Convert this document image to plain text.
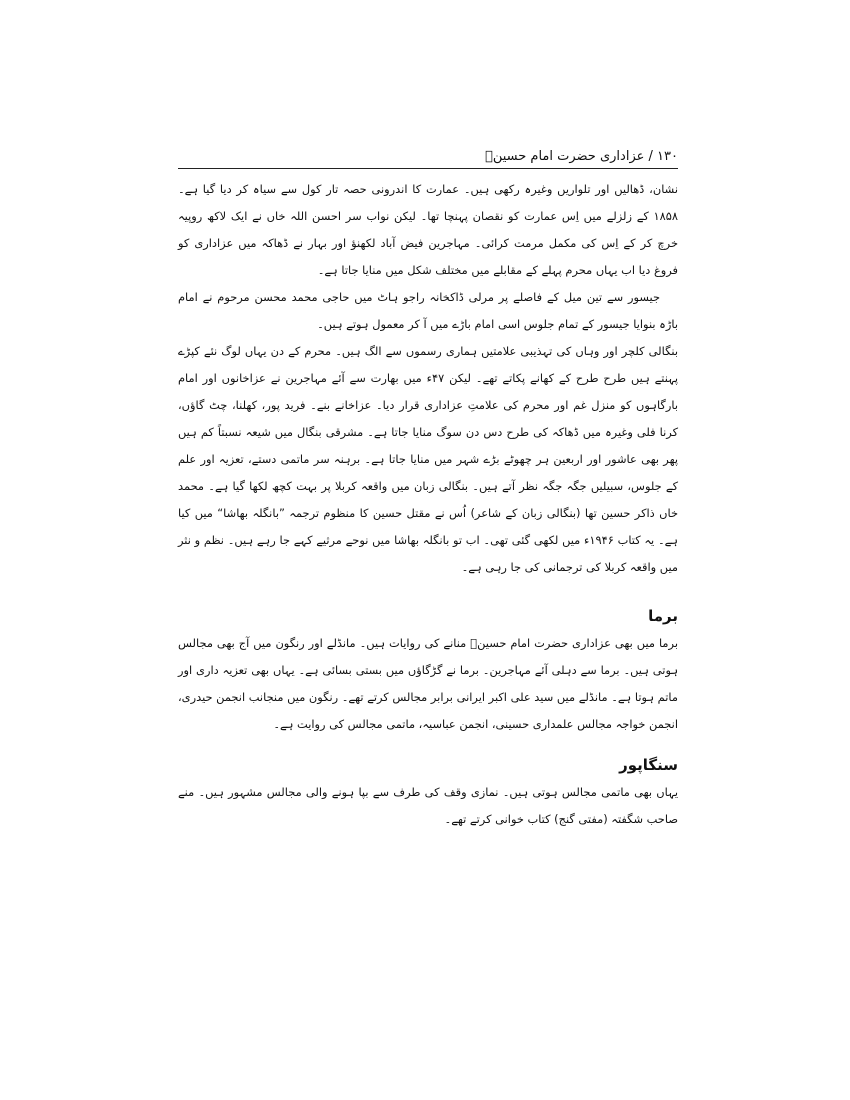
۱۳۰ / عزاداری حضرت امام حسینؑ

نشان، ڈھالیں اور تلواریں وغیرہ رکھی ہیں۔ عمارت کا اندرونی حصہ تار کول سے سیاہ کر دیا گیا ہے۔ ۱۸۵۸ کے زلزلے میں اِس عمارت کو نقصان پہنچا تھا۔ لیکن نواب سر احسن اللہ خاں نے ایک لاکھ روپیہ خرچ کر کے اِس کی مکمل مرمت کرائی۔ مہاجرین فیض آباد لکھنؤ اور بہار نے ڈھاکہ میں عزاداری کو فروغ دیا اب یہاں محرم پہلے کے مقابلے میں مختلف شکل میں منایا جاتا ہے۔

جیسور سے تین میل کے فاصلے پر مرلی ڈاکخانہ راجو ہاٹ میں حاجی محمد محسن مرحوم نے امام باڑہ بنوایا جیسور کے تمام جلوس اسی امام باڑے میں آ کر معمول ہوتے ہیں۔

بنگالی کلچر اور وہاں کی تہذیبی علامتیں ہماری رسموں سے الگ ہیں۔ محرم کے دن یہاں لوگ نئے کپڑے پہنتے ہیں طرح طرح کے کھانے پکاتے تھے۔ لیکن ۴۷ء میں بھارت سے آئے مہاجرین نے عزاخانوں اور امام بارگاہوں کو منزل غم اور محرم کی علامتِ عزاداری قرار دیا۔ عزاخانے بنے۔ فرید پور، کھلنا، چٹ گاؤں، کرنا فلی وغیرہ میں ڈھاکہ کی طرح دس دن سوگ منایا جاتا ہے۔ مشرقی بنگال میں شیعہ نسبتاً کم ہیں پھر بھی عاشور اور اربعین ہر چھوٹے بڑے شہر میں منایا جاتا ہے۔ برہنہ سر ماتمی دستے، تعزیہ اور علم کے جلوس، سبیلیں جگہ جگہ نظر آتے ہیں۔ بنگالی زبان میں واقعہ کربلا پر بہت کچھ لکھا گیا ہے۔ محمد خاں ذاکر حسین تھا (بنگالی زبان کے شاعر) اُس نے مقتل حسین کا منظوم ترجمہ ”بانگلہ بھاشا“ میں کیا ہے۔ یہ کتاب ۱۹۴۶ء میں لکھی گئی تھی۔ اب تو بانگلہ بھاشا میں نوحے مرثیے کہے جا رہے ہیں۔ نظم و نثر میں واقعہ کربلا کی ترجمانی کی جا رہی ہے۔

برما

برما میں بھی عزاداری حضرت امام حسینؑ منانے کی روایات ہیں۔ مانڈلے اور رنگون میں آج بھی مجالس ہوتی ہیں۔ برما سے دہلی آئے مہاجرین۔ برما نے گڑگاؤں میں بستی بسائی ہے۔ یہاں بھی تعزیہ داری اور ماتم ہوتا ہے۔ مانڈلے میں سید علی اکبر ایرانی برابر مجالس کرتے تھے۔ رنگون میں منجانب انجمن حیدری، انجمن خواجہ مجالس علمداری حسینی، انجمن عباسیہ، ماتمی مجالس کی روایت ہے۔

سنگاپور

یہاں بھی ماتمی مجالس ہوتی ہیں۔ نمازی وقف کی طرف سے بپا ہونے والی مجالس مشہور ہیں۔ منے صاحب شگفتہ (مفتی گنج) کتاب خوانی کرتے تھے۔
